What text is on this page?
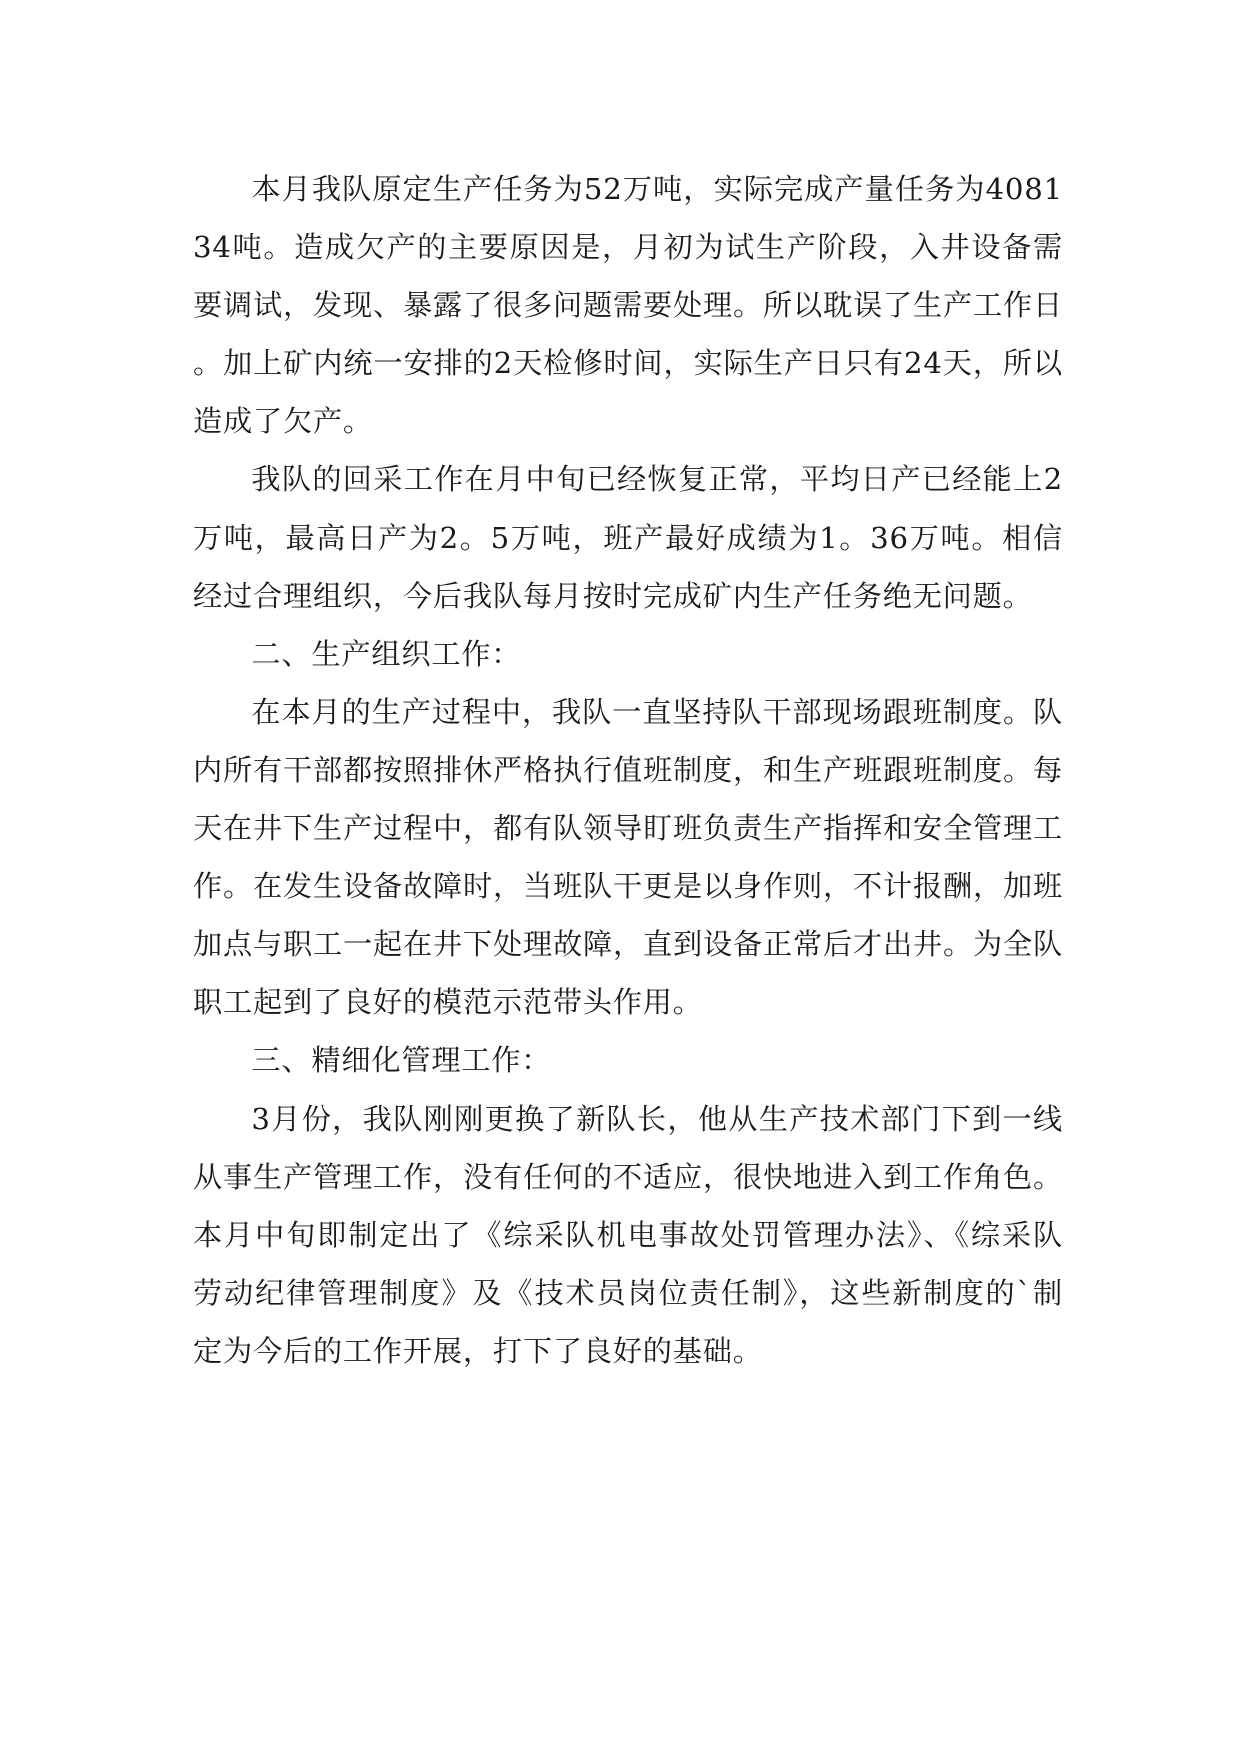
本月我队原定生产任务为52万吨，实际完成产量任务为408134吨。造成欠产的主要原因是，月初为试生产阶段，入井设备需要调试，发现、暴露了很多问题需要处理。所以耽误了生产工作日。加上矿内统一安排的2天检修时间，实际生产日只有24天，所以造成了欠产。

我队的回采工作在月中旬已经恢复正常，平均日产已经能上2万吨，最高日产为2。5万吨，班产最好成绩为1。36万吨。相信经过合理组织，今后我队每月按时完成矿内生产任务绝无问题。

二、生产组织工作：

在本月的生产过程中，我队一直坚持队干部现场跟班制度。队内所有干部都按照排休严格执行值班制度，和生产班跟班制度。每天在井下生产过程中，都有队领导盯班负责生产指挥和安全管理工作。在发生设备故障时，当班队干更是以身作则，不计报酬，加班加点与职工一起在井下处理故障，直到设备正常后才出井。为全队职工起到了良好的模范示范带头作用。

三、精细化管理工作：

3月份，我队刚刚更换了新队长，他从生产技术部门下到一线从事生产管理工作，没有任何的不适应，很快地进入到工作角色。本月中旬即制定出了《综采队机电事故处罚管理办法》、《综采队劳动纪律管理制度》及《技术员岗位责任制》，这些新制度的`制定为今后的工作开展，打下了良好的基础。
